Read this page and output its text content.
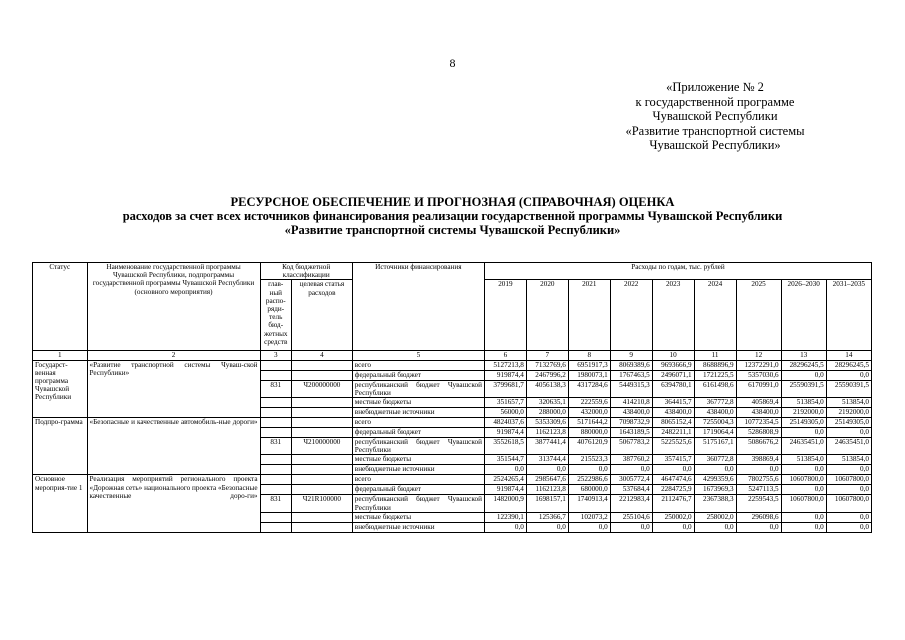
8
«Приложение № 2
к государственной программе
Чувашской Республики
«Развитие транспортной системы
Чувашской Республики»
РЕСУРСНОЕ ОБЕСПЕЧЕНИЕ И ПРОГНОЗНАЯ (СПРАВОЧНАЯ) ОЦЕНКА
расходов за счет всех источников финансирования реализации государственной программы Чувашской Республики
«Развитие транспортной системы Чувашской Республики»
Статус	Наименование государственной программы Чувашской Республики, подпрограммы государственной программы Чувашской Республики (основного мероприятия)	Код бюджетной классификации		Источники финансирования	Расходы по годам, тыс. рублей								
		глав-ный распо-ряди-тель бюд-жетных средств	целевая статья расходов		2019	2020	2021	2022	2023	2024	2025	2026–2030	2031–2035
1	2	3	4	5	6	7	8	9	10	11	12	13	14
Государст-венная программа Чувашской Республики	«Развитие транспортной системы Чуваш-ской Республики»			всего	5127213,8	7132769,6	6951917,3	8069389,6	9693666,9	8688896,9	12372291,0	28296245,5	28296245,5
				федеральный бюджет	919874,4	2467996,2	1980073,1	1767463,5	2496071,1	1721225,5	5357030,6	0,0	0,0
		831	Ч200000000	республиканский бюджет Чувашской Республики	3799681,7	4056138,3	4317284,6	5449315,3	6394780,1	6161498,6	6170991,0	25590391,5	25590391,5
				местные бюджеты	351657,7	320635,1	222559,6	414210,8	364415,7	367772,8	405869,4	513854,0	513854,0
				внебюджетные источники	56000,0	288000,0	432000,0	438400,0	438400,0	438400,0	438400,0	2192000,0	2192000,0
Подпро-грамма	«Безопасные и качественные автомобиль-ные дороги»			всего	4824037,6	5353309,6	5171644,2	7098732,9	8065152,4	7255004,3	10772354,5	25149305,0	25149305,0
				федеральный бюджет	919874,4	1162123,8	880000,0	1643189,5	2482211,1	1719064,4	5286808,9	0,0	0,0
		831	Ч210000000	республиканский бюджет Чувашской Республики	3552618,5	3877441,4	4076120,9	5067783,2	5225525,6	5175167,1	5086676,2	24635451,0	24635451,0
				местные бюджеты	351544,7	313744,4	215523,3	387760,2	357415,7	360772,8	398869,4	513854,0	513854,0
				внебюджетные источники	0,0	0,0	0,0	0,0	0,0	0,0	0,0	0,0	0,0
Основное мероприя-тие 1	Реализация мероприятий регионального проекта «Дорожная сеть» национального проекта «Безопасные качественные доро-ги»			всего	2524265,4	2985647,6	2522986,6	3005772,4	4647474,6	4299359,6	7802755,6	10607800,0	10607800,0
				федеральный бюджет	919874,4	1162123,8	680000,0	537684,4	2284725,9	1673969,3	5247113,5	0,0	0,0
		831	Ч21R100000	республиканский бюджет Чувашской Республики	1482000,9	1698157,1	1740913,4	2212983,4	2112476,7	2367388,3	2259543,5	10607800,0	10607800,0
				местные бюджеты	122390,1	125366,7	102073,2	255104,6	250002,0	258002,0	296098,6	0,0	0,0
				внебюджетные источники	0,0	0,0	0,0	0,0	0,0	0,0	0,0	0,0	0,0
